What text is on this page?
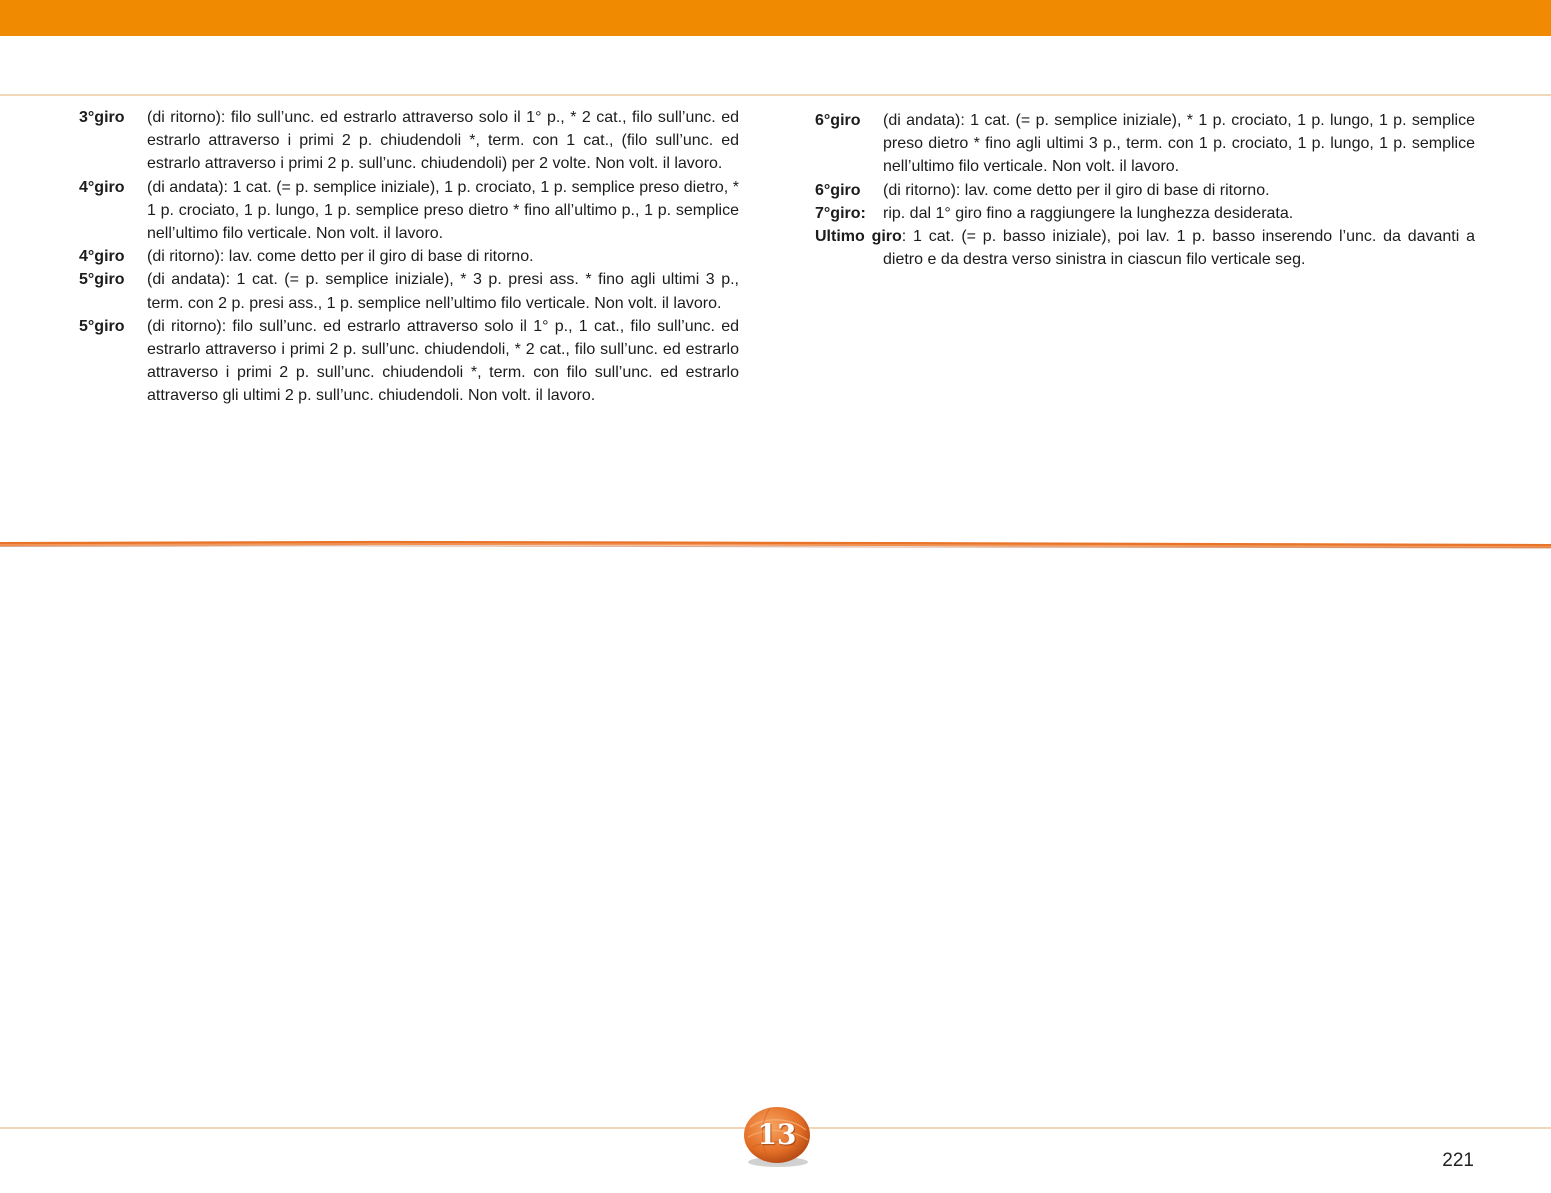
3°giro	(di ritorno): filo sull’unc. ed estrarlo attraverso solo il 1° p., * 2 cat., filo sull’unc. ed estrarlo attraverso i primi 2 p. chiudendoli *, term. con 1 cat., (filo sull’unc. ed estrarlo attraverso i primi 2 p. sull’unc. chiudendoli) per 2 volte. Non volt. il lavoro.
4°giro	(di andata): 1 cat. (= p. semplice iniziale), 1 p. crociato, 1 p. semplice preso dietro, * 1 p. crociato, 1 p. lungo, 1 p. semplice preso dietro * fino all’ultimo p., 1 p. semplice nell’ultimo filo verticale. Non volt. il lavoro.
4°giro	(di ritorno): lav. come detto per il giro di base di ritorno.
5°giro	(di andata): 1 cat. (= p. semplice iniziale), * 3 p. presi ass. * fino agli ultimi 3 p., term. con 2 p. presi ass., 1 p. semplice nell’ultimo filo verticale. Non volt. il lavoro.
5°giro	(di ritorno): filo sull’unc. ed estrarlo attraverso solo il 1° p., 1 cat., filo sull’unc. ed estrarlo attraverso i primi 2 p. sull’unc. chiudendoli, * 2 cat., filo sull’unc. ed estrarlo attraverso i primi 2 p. sull’unc. chiudendoli *, term. con filo sull’unc. ed estrarlo attraverso gli ultimi 2 p. sull’unc. chiudendoli. Non volt. il lavoro.
6°giro	(di andata): 1 cat. (= p. semplice iniziale), * 1 p. crociato, 1 p. lungo, 1 p. semplice preso dietro * fino agli ultimi 3 p., term. con 1 p. crociato, 1 p. lungo, 1 p. semplice nell’ultimo filo verticale. Non volt. il lavoro.
6°giro	(di ritorno): lav. come detto per il giro di base di ritorno.
7°giro:	rip. dal 1° giro fino a raggiungere la lunghezza desiderata.
Ultimo giro: 1 cat. (= p. basso iniziale), poi lav. 1 p. basso inserendo l’unc. da davanti a dietro e da destra verso sinistra in ciascun filo verticale seg.
13
221
